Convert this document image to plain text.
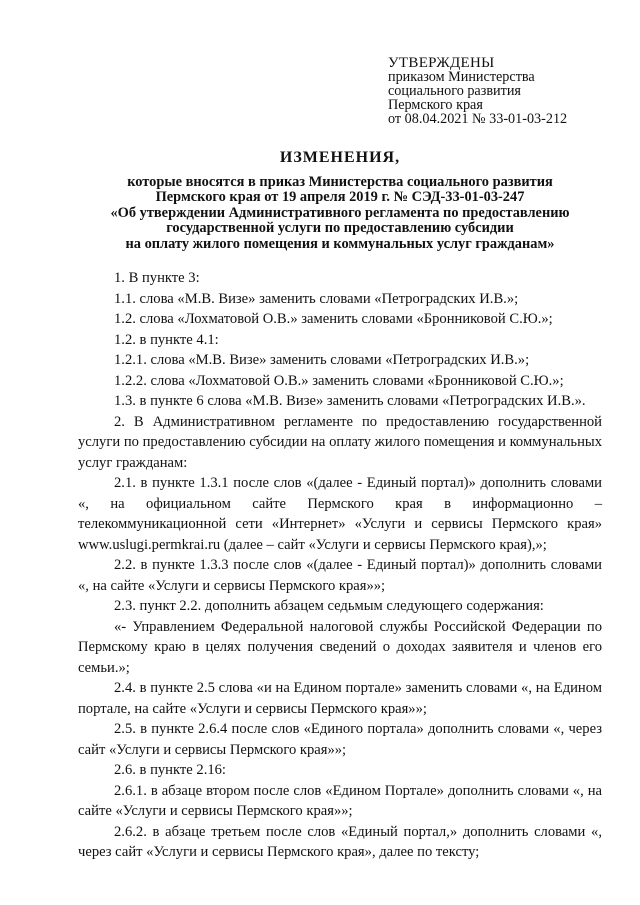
УТВЕРЖДЕНЫ
приказом Министерства
социального развития
Пермского края
от 08.04.2021 № 33-01-03-212
ИЗМЕНЕНИЯ,
которые вносятся в приказ Министерства социального развития
Пермского края от 19 апреля 2019 г. № СЭД-33-01-03-247
«Об утверждении Административного регламента по предоставлению
государственной услуги по предоставлению субсидии
на оплату жилого помещения и коммунальных услуг гражданам»

1. В пункте 3:

1.1. слова «М.В. Визе» заменить словами «Петроградских И.В.»;

1.2. слова «Лохматовой О.В.» заменить словами «Бронниковой С.Ю.»;

1.2. в пункте 4.1:

1.2.1. слова «М.В. Визе» заменить словами «Петроградских И.В.»;

1.2.2. слова «Лохматовой О.В.» заменить словами «Бронниковой С.Ю.»;

1.3. в пункте 6 слова «М.В. Визе» заменить словами «Петроградских И.В.».

2. В Административном регламенте по предоставлению государственной услуги по предоставлению субсидии на оплату жилого помещения и коммунальных услуг гражданам:

2.1. в пункте 1.3.1 после слов «(далее - Единый портал)» дополнить словами «, на официальном сайте Пермского края в информационно – телекоммуникационной сети «Интернет» «Услуги и сервисы Пермского края» www.uslugi.permkrai.ru (далее – сайт «Услуги и сервисы Пермского края),»;

2.2. в пункте 1.3.3 после слов «(далее - Единый портал)» дополнить словами «, на сайте «Услуги и сервисы Пермского края»»;

2.3. пункт 2.2. дополнить абзацем седьмым следующего содержания:

«- Управлением Федеральной налоговой службы Российской Федерации по Пермскому краю в целях получения сведений о доходах заявителя и членов его семьи.»;

2.4. в пункте 2.5 слова «и на Едином портале» заменить словами «, на Едином портале, на сайте «Услуги и сервисы Пермского края»»;

2.5. в пункте 2.6.4 после слов «Единого портала» дополнить словами «, через сайт «Услуги и сервисы Пермского края»»;

2.6. в пункте 2.16:

2.6.1. в абзаце втором после слов «Едином Портале» дополнить словами «, на сайте «Услуги и сервисы Пермского края»»;

2.6.2. в абзаце третьем после слов «Единый портал,» дополнить словами «, через сайт «Услуги и сервисы Пермского края», далее по тексту;
